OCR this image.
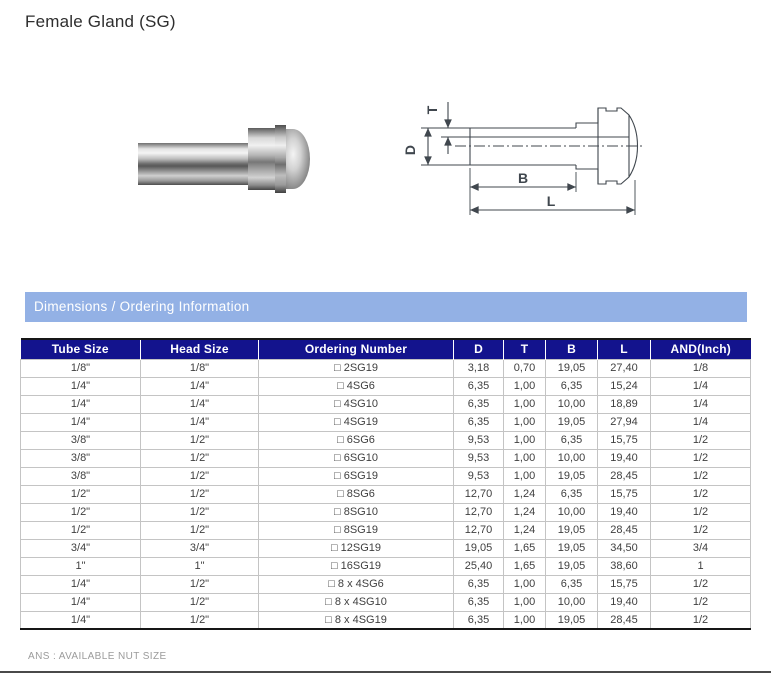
Female Gland (SG)
T
D
B
L
Dimensions / Ordering Information
Tube Size	Head Size	Ordering Number	D	T	B	L	AND(Inch)
1/8"	1/8"	□ 2SG19	3,18	0,70	19,05	27,40	1/8
1/4"	1/4"	□ 4SG6	6,35	1,00	6,35	15,24	1/4
1/4"	1/4"	□ 4SG10	6,35	1,00	10,00	18,89	1/4
1/4"	1/4"	□ 4SG19	6,35	1,00	19,05	27,94	1/4
3/8"	1/2"	□ 6SG6	9,53	1,00	6,35	15,75	1/2
3/8"	1/2"	□ 6SG10	9,53	1,00	10,00	19,40	1/2
3/8"	1/2"	□ 6SG19	9,53	1,00	19,05	28,45	1/2
1/2"	1/2"	□ 8SG6	12,70	1,24	6,35	15,75	1/2
1/2"	1/2"	□ 8SG10	12,70	1,24	10,00	19,40	1/2
1/2"	1/2"	□ 8SG19	12,70	1,24	19,05	28,45	1/2
3/4"	3/4"	□ 12SG19	19,05	1,65	19,05	34,50	3/4
1"	1"	□ 16SG19	25,40	1,65	19,05	38,60	1
1/4"	1/2"	□ 8 x 4SG6	6,35	1,00	6,35	15,75	1/2
1/4"	1/2"	□ 8 x 4SG10	6,35	1,00	10,00	19,40	1/2
1/4"	1/2"	□ 8 x 4SG19	6,35	1,00	19,05	28,45	1/2
ANS : AVAILABLE NUT SIZE
